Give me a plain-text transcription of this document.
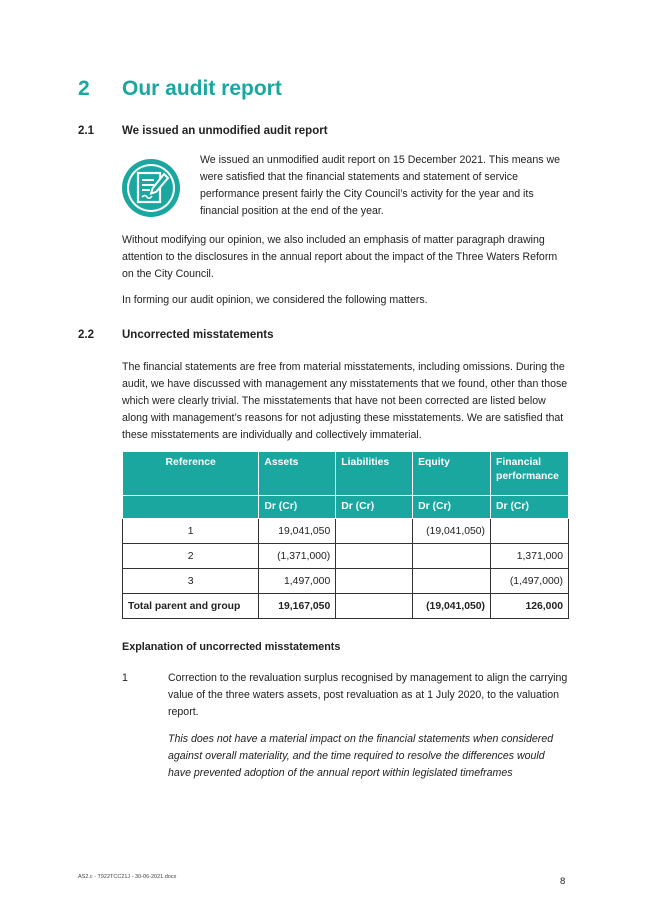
2 Our audit report
2.1 We issued an unmodified audit report
We issued an unmodified audit report on 15 December 2021. This means we were satisfied that the financial statements and statement of service performance present fairly the City Council’s activity for the year and its financial position at the end of the year.
Without modifying our opinion, we also included an emphasis of matter paragraph drawing attention to the disclosures in the annual report about the impact of the Three Waters Reform on the City Council.
In forming our audit opinion, we considered the following matters.
2.2 Uncorrected misstatements
The financial statements are free from material misstatements, including omissions. During the audit, we have discussed with management any misstatements that we found, other than those which were clearly trivial. The misstatements that have not been corrected are listed below along with management’s reasons for not adjusting these misstatements. We are satisfied that these misstatements are individually and collectively immaterial.
Reference	Assets	Liabilities	Equity	Financial performance
	Dr (Cr)	Dr (Cr)	Dr (Cr)	Dr (Cr)
1	19,041,050		(19,041,050)	
2	(1,371,000)			1,371,000
3	1,497,000			(1,497,000)
Total parent and group	19,167,050		(19,041,050)	126,000
Explanation of uncorrected misstatements
1	Correction to the revaluation surplus recognised by management to align the carrying value of the three waters assets, post revaluation as at 1 July 2020, to the valuation report.
This does not have a material impact on the financial statements when considered against overall materiality, and the time required to resolve the differences would have prevented adoption of the annual report within legislated timeframes
AS2.c - T922TCC21J - 30-06-2021.docx	8
